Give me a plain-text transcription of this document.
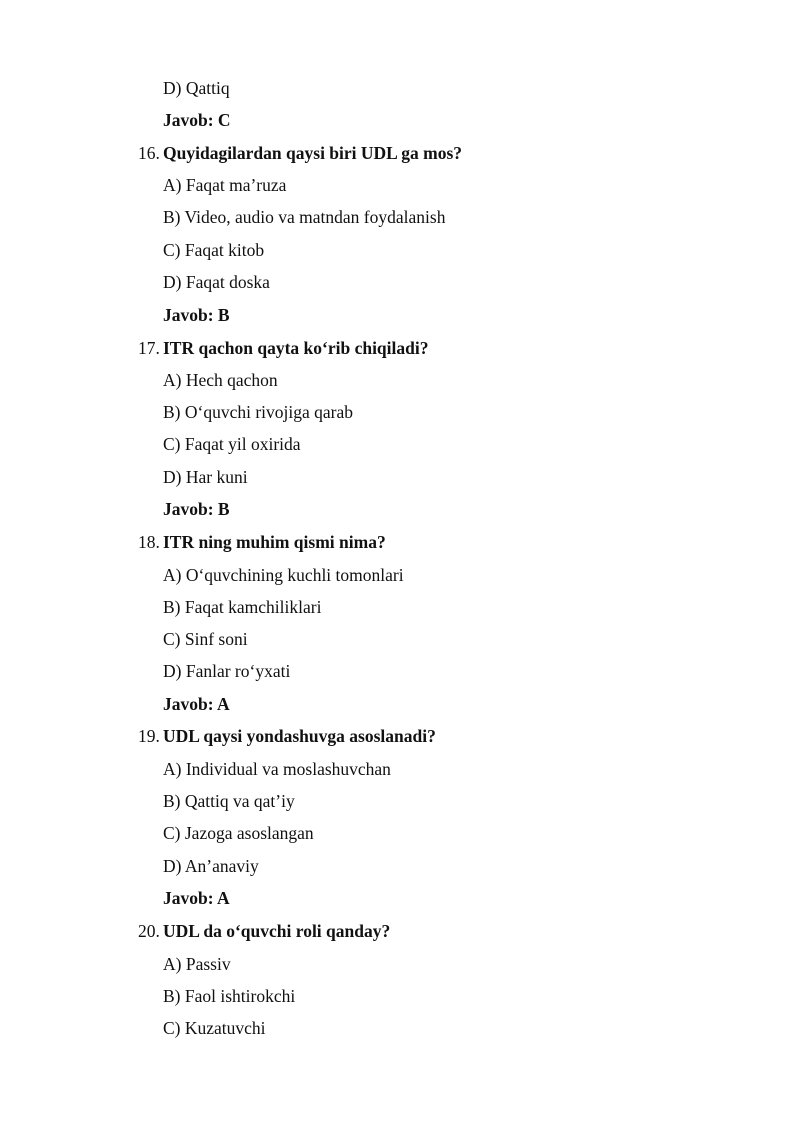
D) Qattiq
Javob: C
16. Quyidagilardan qaysi biri UDL ga mos?
A) Faqat ma’ruza
B) Video, audio va matndan foydalanish
C) Faqat kitob
D) Faqat doska
Javob: B
17. ITR qachon qayta ko‘rib chiqiladi?
A) Hech qachon
B) O‘quvchi rivojiga qarab
C) Faqat yil oxirida
D) Har kuni
Javob: B
18. ITR ning muhim qismi nima?
A) O‘quvchining kuchli tomonlari
B) Faqat kamchiliklari
C) Sinf soni
D) Fanlar ro‘yxati
Javob: A
19. UDL qaysi yondashuvga asoslanadi?
A) Individual va moslashuvchan
B) Qattiq va qat’iy
C) Jazoga asoslangan
D) An’anaviy
Javob: A
20. UDL da o‘quvchi roli qanday?
A) Passiv
B) Faol ishtirokchi
C) Kuzatuvchi
